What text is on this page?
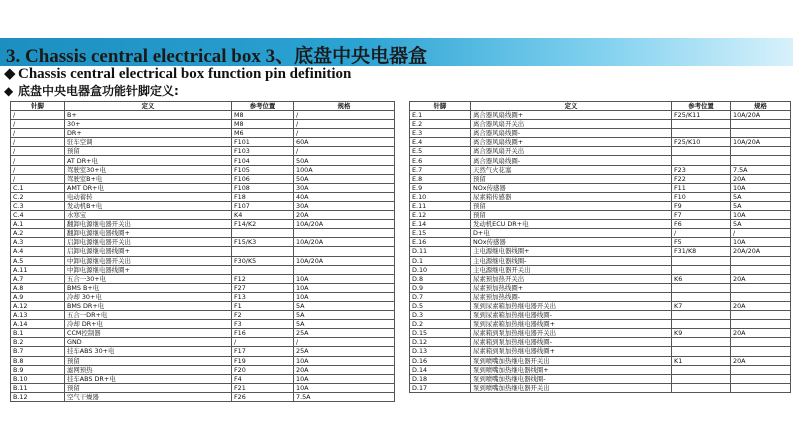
3. Chassis central electrical box 3、底盘中央电器盒
◆ Chassis central electrical box function pin definition
◆ 底盘中央电器盒功能针脚定义:
针脚	定义	参考位置	规格
/	B+	M8	/
/	30+	M8	/
/	DR+	M6	/
/	驻车空调	F101	60A
/	预留	F103	/
/	AT DR+电	F104	50A
/	驾驶室30+电	F105	100A
/	驾驶室B+电	F106	50A
C.1	AMT DR+电	F108	30A
C.2	电动蓄转	F18	40A
C.3	发动机B+电	F107	30A
C.4	水寒宝	K4	20A
A.1	翻卸电源继电器开关出	F14/K2	10A/20A
A.2	翻卸电源继电器线圈+		
A.3	启卸电源继电器开关出	F15/K3	10A/20A
A.4	启卸电源继电器线圈+		
A.5	中卸电源继电器开关出	F30/K5	10A/20A
A.11	中卸电源继电器线圈+		
A.7	五合一30+电	F12	10A
A.8	BMS B+电	F27	10A
A.9	冷却 30+电	F13	10A
A.12	BMS DR+电	F1	5A
A.13	五合一DR+电	F2	5A
A.14	冷却 DR+电	F3	5A
B.1	CCM控制器	F16	25A
B.2	GND	/	/
B.7	挂车ABS 30+电	F17	25A
B.8	预留	F19	10A
B.9	滤网预热	F20	20A
B.10	挂车ABS DR+电	F4	10A
B.11	预留	F21	10A
B.12	空气干燥器	F26	7.5A
针脚	定义	参考位置	规格
E.1	离合器风扇线圈+	F25/K11	10A/20A
E.2	离合器风扇开关出		
E.3	离合器风扇线圈-		
E.4	离合器风扇线圈+	F25/K10	10A/20A
E.5	离合器风扇开关出		
E.6	离合器风扇线圈-		
E.7	天然气火花塞	F23	7.5A
E.8	预留	F22	20A
E.9	NOx传感器	F11	10A
E.10	尿素箱传感器	F10	5A
E.11	预留	F9	5A
E.12	预留	F7	10A
E.14	发动机ECU DR+电	F6	5A
E.15	D+电	/	/
E.16	NOx传感器	F5	10A
D.11	主电源继电器线圈+	F31/K8	20A/20A
D.1	主电源继电器线圈-		
D.10	主电源继电器开关出		
D.8	尿素预加热开关出	K6	20A
D.9	尿素预加热线圈+		
D.7	尿素预加热线圈-		
D.5	泵到尿素箱加热继电器开关出	K7	20A
D.3	泵到尿素箱加热继电器线圈-		
D.2	泵到尿素箱加热继电器线圈+		
D.15	尿素箱到泵加热继电器开关出	K9	20A
D.12	尿素箱到泵加热继电器线圈-		
D.13	尿素箱到泵加热继电器线圈+		
D.16	泵到喷嘴加热继电器开关出	K1	20A
D.14	泵到喷嘴加热继电器线圈+		
D.18	泵到喷嘴加热继电器线圈-		
D.17	泵到喷嘴加热继电器开关出		
